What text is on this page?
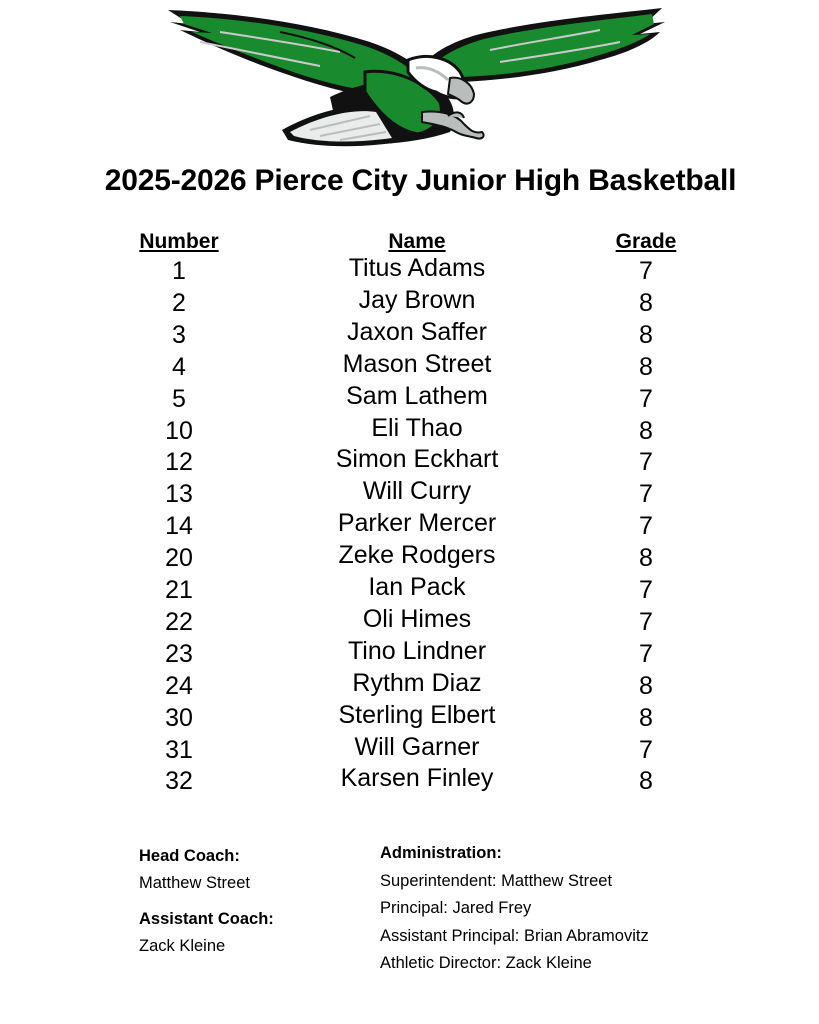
2025-2026 Pierce City Junior High Basketball
Number	Name	Grade
1	Titus Adams	7
2	Jay Brown	8
3	Jaxon Saffer	8
4	Mason Street	8
5	Sam Lathem	7
10	Eli Thao	8
12	Simon Eckhart	7
13	Will Curry	7
14	Parker Mercer	7
20	Zeke Rodgers	8
21	Ian Pack	7
22	Oli Himes	7
23	Tino Lindner	7
24	Rythm Diaz	8
30	Sterling Elbert	8
31	Will Garner	7
32	Karsen Finley	8
Head Coach:
Matthew Street
Assistant Coach:
Zack Kleine
Administration:
Superintendent: Matthew Street
Principal: Jared Frey
Assistant Principal: Brian Abramovitz
Athletic Director: Zack Kleine
